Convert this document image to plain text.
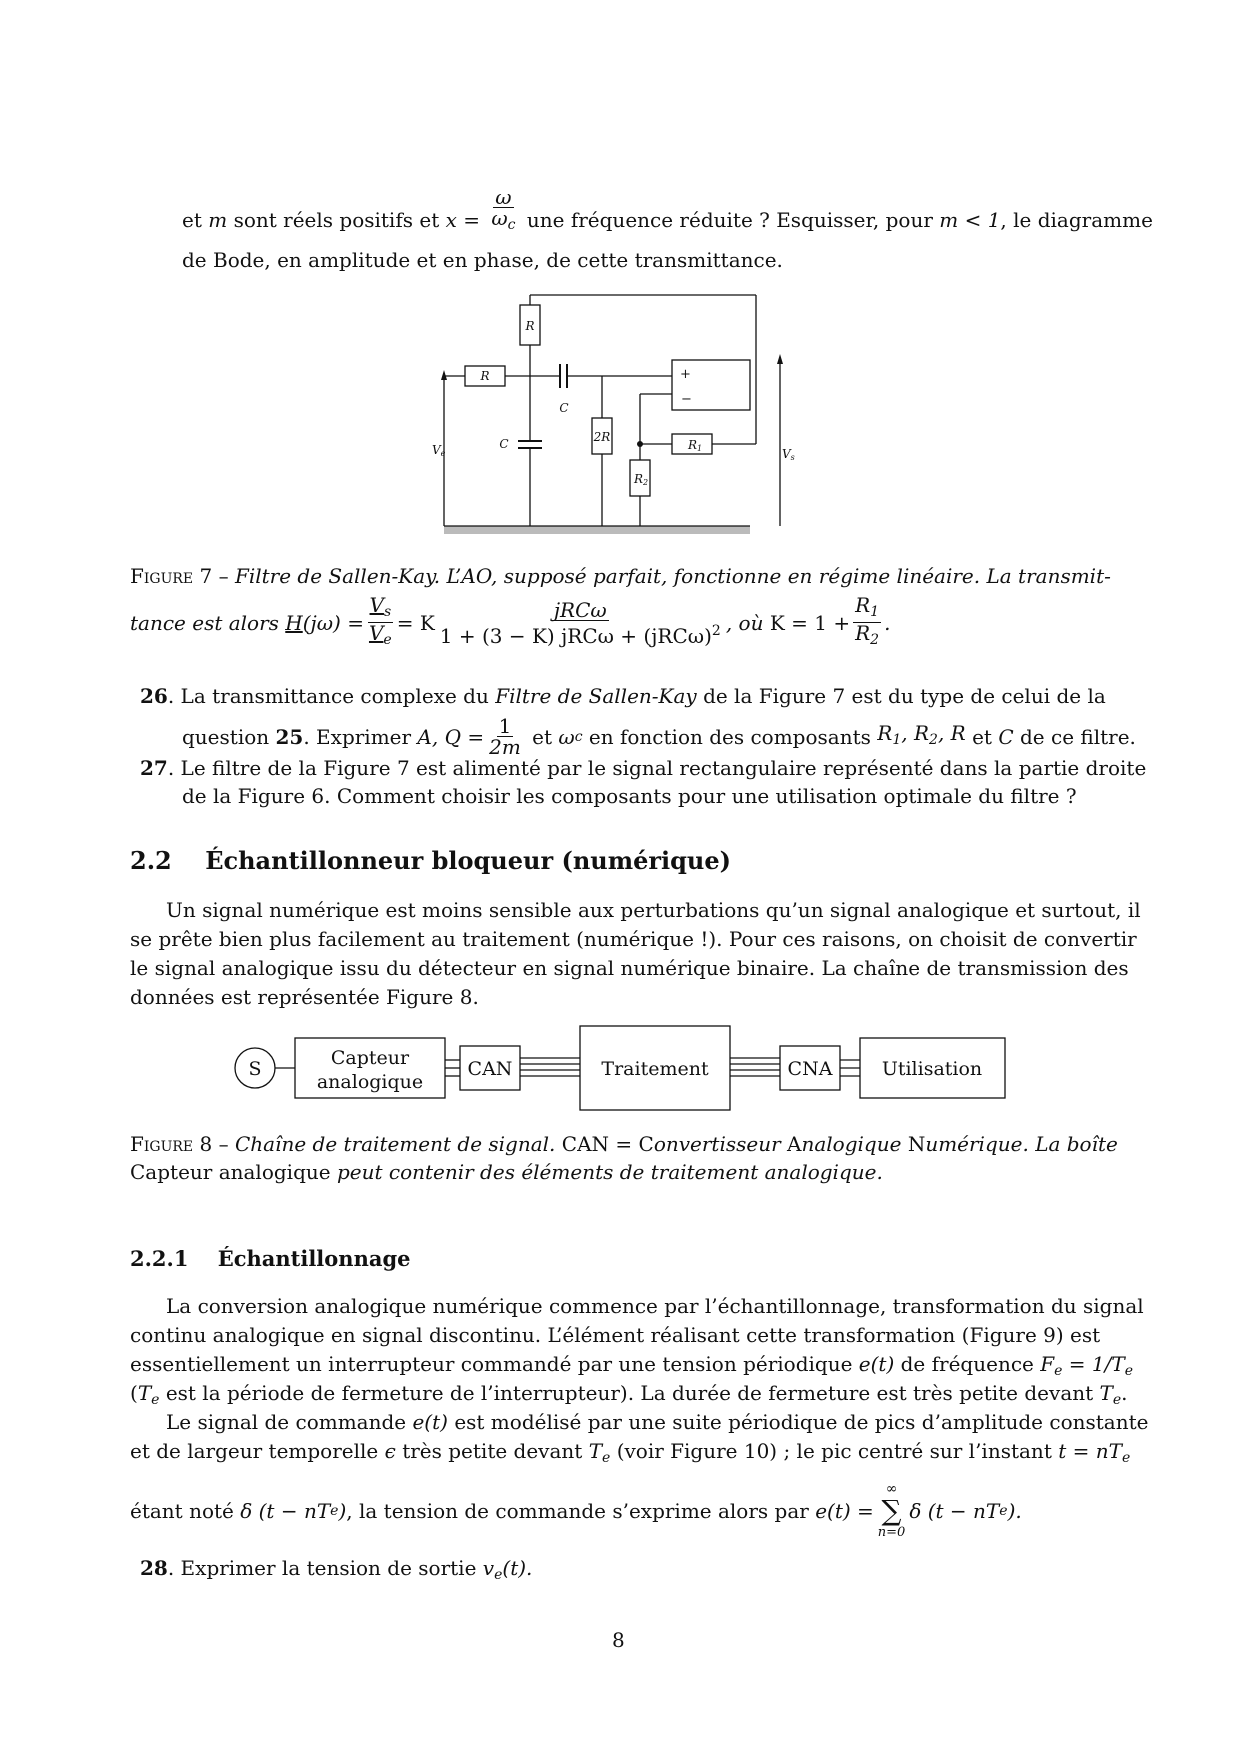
et m sont réels positifs et $x = \frac{\omega}{\omega_c}$ une fréquence réduite ? Esquisser, pour m < 1, le diagramme
de Bode, en amplitude et en phase, de cette transmittance.
R
R
C
C	2R
R1
R2
Ve	Vs
+
−
Figure 7 – Filtre de Sallen-Kay. L’AO, supposé parfait, fonctionne en régime linéaire. La transmit-
tance est alors
H $(j\omega) = \frac{V_s}{V_e} = K \frac{\text{jRCω}}{1 + (3 - K) jRC\omega + (jRC\omega)^2}$ , où
$K = 1 + \frac{R_1}{R_2}$ .
26. La transmittance complexe du Filtre de Sallen-Kay de la Figure 7 est du type de celui de la
question
25 . Exprimer
A, $Q = \frac{1}{2m}$
et
ω c
en fonction des composants
$R_1$, $R_2$, R
et
C
de ce filtre.
27. Le filtre de la Figure 7 est alimenté par le signal rectangulaire représenté dans la partie droite
de la Figure 6. Comment choisir les composants pour une utilisation optimale du filtre ?
2.2 Échantillonneur bloqueur (numérique)
Un signal numérique est moins sensible aux perturbations qu’un signal analogique et surtout, il
se prête bien plus facilement au traitement (numérique !). Pour ces raisons, on choisit de convertir
le signal analogique issu du détecteur en signal numérique binaire. La chaîne de transmission des
données est représentée Figure 8.
S	Capteur
analogique
CAN	Traitement	CNA	Utilisation
Figure 8 – Chaîne de traitement de signal. CAN = Convertisseur Analogique Numérique. La boîte
Capteur analogique peut contenir des éléments de traitement analogique.
2.2.1 Échantillonnage
La conversion analogique numérique commence par l’échantillonnage, transformation du signal
continu analogique en signal discontinu. L’élément réalisant cette transformation (Figure 9) est
essentiellement un interrupteur commandé par une tension périodique e(t) de fréquence $F_e = 1/T_e$
($T_e$ est la période de fermeture de l’interrupteur). La durée de fermeture est très petite devant $T_e$.
Le signal de commande e(t) est modélisé par une suite périodique de pics d’amplitude constante
et de largeur temporelle ϵ très petite devant $T_e$ (voir Figure 10) ; le pic centré sur l’instant $t = nT_e$
étant noté
δ (t − nT e ) , la tension de commande s’exprime alors par
e(t) =
∞
∑
n=0
δ (t − nT e ).
28. Exprimer la tension de sortie $v_e(t)$.
8
